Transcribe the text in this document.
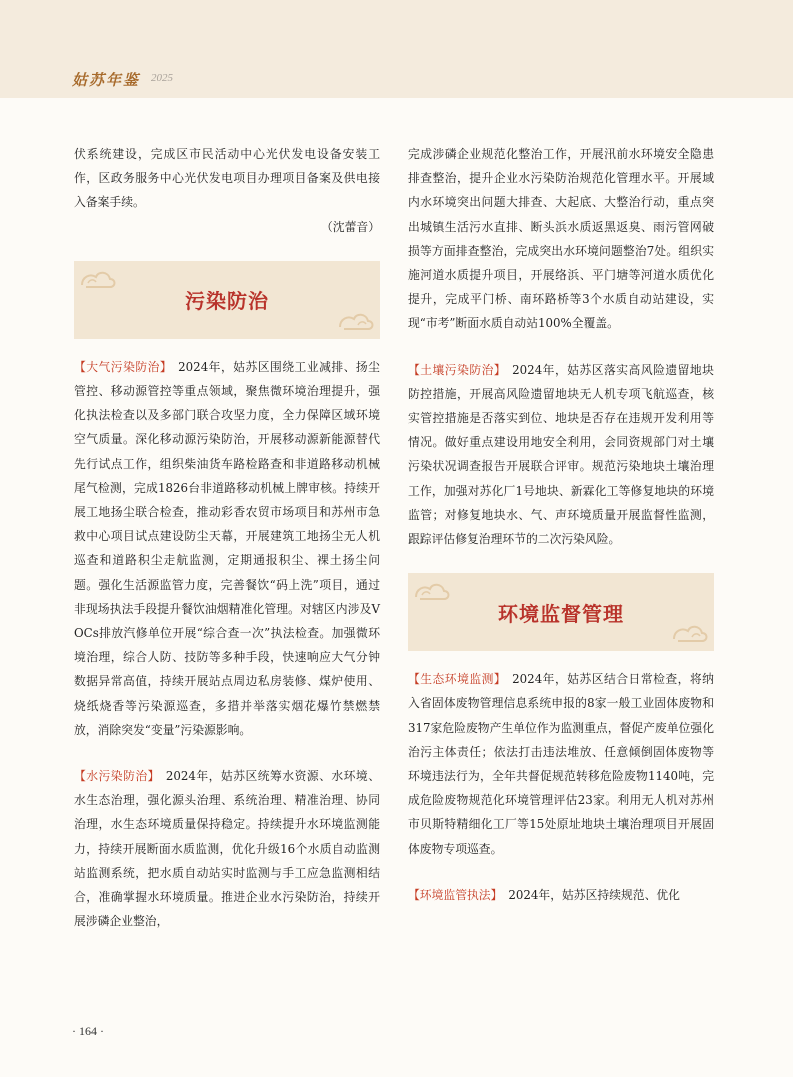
姑苏年鉴 2025

伏系统建设，完成区市民活动中心光伏发电设备安装工作，区政务服务中心光伏发电项目办理项目备案及供电接入备案手续。
（沈蕾音）

污染防治

【大气污染防治】 2024年，姑苏区围绕工业减排、扬尘管控、移动源管控等重点领域，聚焦微环境治理提升，强化执法检查以及多部门联合攻坚力度，全力保障区域环境空气质量。深化移动源污染防治，开展移动源新能源替代先行试点工作，组织柴油货车路检路查和非道路移动机械尾气检测，完成1826台非道路移动机械上牌审核。持续开展工地扬尘联合检查，推动彩香农贸市场项目和苏州市急救中心项目试点建设防尘天幕，开展建筑工地扬尘无人机巡查和道路积尘走航监测，定期通报积尘、裸土扬尘问题。强化生活源监管力度，完善餐饮“码上洗”项目，通过非现场执法手段提升餐饮油烟精准化管理。对辖区内涉及VOCs排放汽修单位开展“综合查一次”执法检查。加强微环境治理，综合人防、技防等多种手段，快速响应大气分钟数据异常高值，持续开展站点周边私房装修、煤炉使用、烧纸烧香等污染源巡查，多措并举落实烟花爆竹禁燃禁放，消除突发“变量”污染源影响。

【水污染防治】 2024年，姑苏区统筹水资源、水环境、水生态治理，强化源头治理、系统治理、精准治理、协同治理，水生态环境质量保持稳定。持续提升水环境监测能力，持续开展断面水质监测，优化升级16个水质自动监测站监测系统，把水质自动站实时监测与手工应急监测相结合，准确掌握水环境质量。推进企业水污染防治，持续开展涉磷企业整治，

完成涉磷企业规范化整治工作，开展汛前水环境安全隐患排查整治，提升企业水污染防治规范化管理水平。开展域内水环境突出问题大排查、大起底、大整治行动，重点突出城镇生活污水直排、断头浜水质返黑返臭、雨污管网破损等方面排查整治，完成突出水环境问题整治7处。组织实施河道水质提升项目，开展络浜、平门塘等河道水质优化提升，完成平门桥、南环路桥等3个水质自动站建设，实现“市考”断面水质自动站100%全覆盖。

【土壤污染防治】 2024年，姑苏区落实高风险遗留地块防控措施，开展高风险遗留地块无人机专项飞航巡查，核实管控措施是否落实到位、地块是否存在违规开发利用等情况。做好重点建设用地安全利用，会同资规部门对土壤污染状况调查报告开展联合评审。规范污染地块土壤治理工作，加强对苏化厂1号地块、新霖化工等修复地块的环境监管；对修复地块水、气、声环境质量开展监督性监测，跟踪评估修复治理环节的二次污染风险。

环境监督管理

【生态环境监测】 2024年，姑苏区结合日常检查，将纳入省固体废物管理信息系统申报的8家一般工业固体废物和317家危险废物产生单位作为监测重点，督促产废单位强化治污主体责任；依法打击违法堆放、任意倾倒固体废物等环境违法行为，全年共督促规范转移危险废物1140吨，完成危险废物规范化环境管理评估23家。利用无人机对苏州市贝斯特精细化工厂等15处原址地块土壤治理项目开展固体废物专项巡查。

【环境监管执法】 2024年，姑苏区持续规范、优化

· 164 ·
